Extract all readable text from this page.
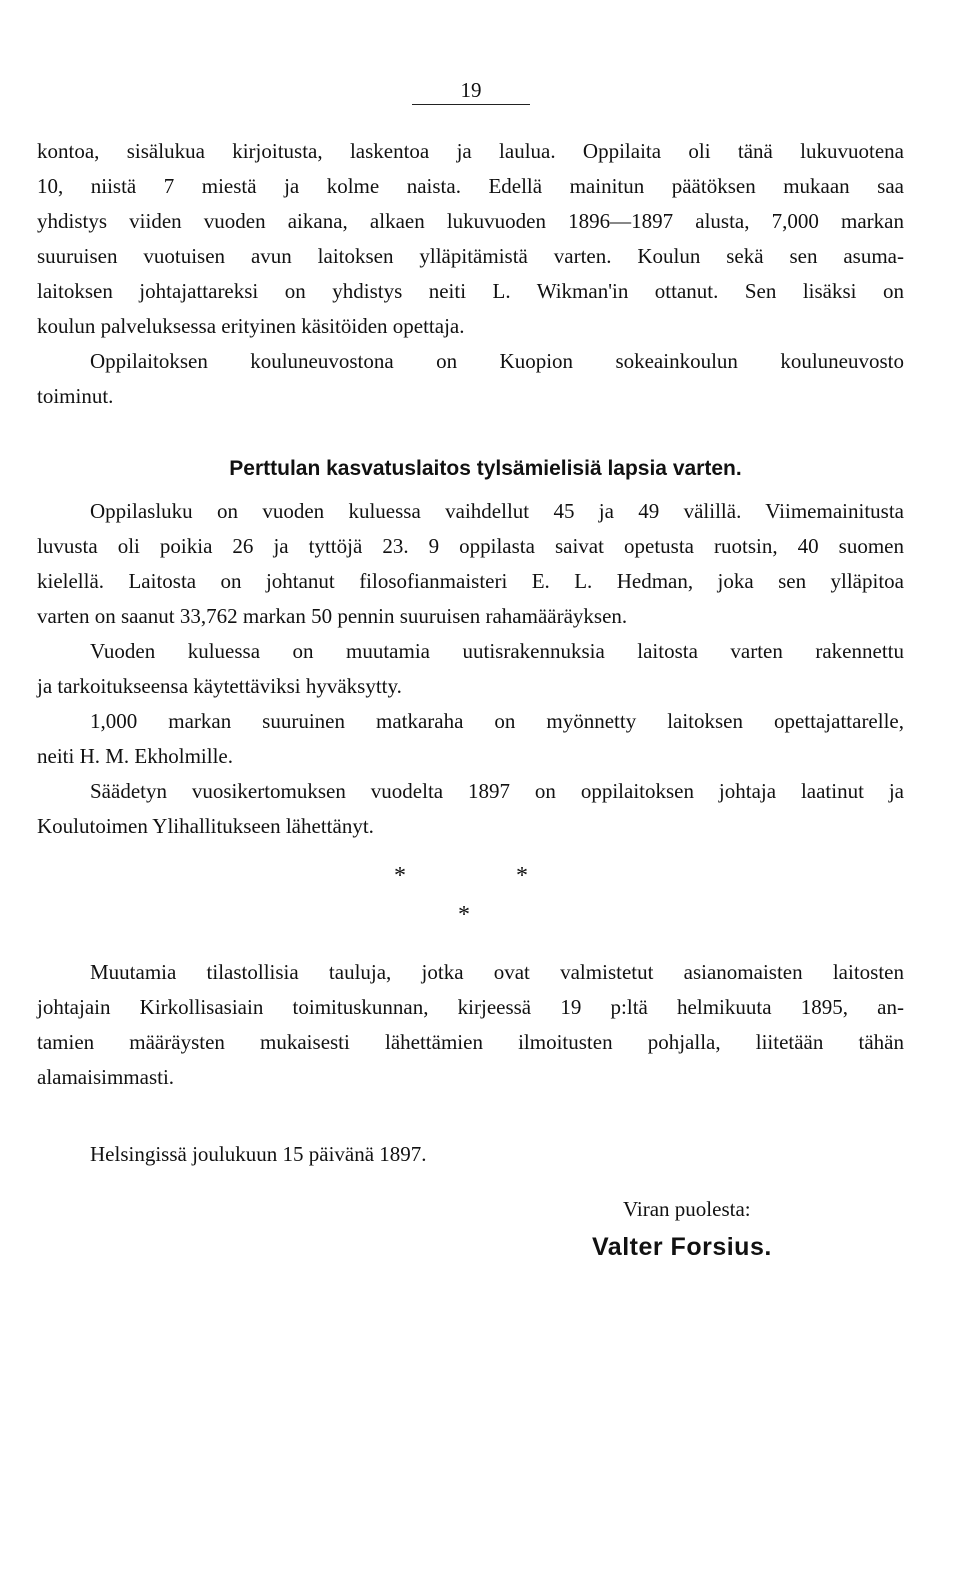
19
kontoa, sisälukua kirjoitusta, laskentoa ja laulua. Oppilaita oli tänä lukuvuotena
10, niistä 7 miestä ja kolme naista. Edellä mainitun päätöksen mukaan saa
yhdistys viiden vuoden aikana, alkaen lukuvuoden 1896—1897 alusta, 7,000 markan
suuruisen vuotuisen avun laitoksen ylläpitämistä varten. Koulun sekä sen asuma-
laitoksen johtajattareksi on yhdistys neiti L. Wikman'in ottanut. Sen lisäksi on
koulun palveluksessa erityinen käsitöiden opettaja.
Oppilaitoksen kouluneuvostona on Kuopion sokeainkoulun kouluneuvosto
toiminut.
Perttulan kasvatuslaitos tylsämielisiä lapsia varten.
Oppilasluku on vuoden kuluessa vaihdellut 45 ja 49 välillä. Viimemainitusta
luvusta oli poikia 26 ja tyttöjä 23. 9 oppilasta saivat opetusta ruotsin, 40 suomen
kielellä. Laitosta on johtanut filosofianmaisteri E. L. Hedman, joka sen ylläpitoa
varten on saanut 33,762 markan 50 pennin suuruisen rahamääräyksen.
Vuoden kuluessa on muutamia uutisrakennuksia laitosta varten rakennettu
ja tarkoitukseensa käytettäviksi hyväksytty.
1,000 markan suuruinen matkaraha on myönnetty laitoksen opettajattarelle,
neiti H. M. Ekholmille.
Säädetyn vuosikertomuksen vuodelta 1897 on oppilaitoksen johtaja laatinut ja
Koulutoimen Ylihallitukseen lähettänyt.
*	*
*
Muutamia tilastollisia tauluja, jotka ovat valmistetut asianomaisten laitosten
johtajain Kirkollisasiain toimituskunnan, kirjeessä 19 p:ltä helmikuuta 1895, an-
tamien määräysten mukaisesti lähettämien ilmoitusten pohjalla, liitetään tähän
alamaisimmasti.
Helsingissä joulukuun 15 päivänä 1897.
Viran puolesta:
Valter Forsius.
